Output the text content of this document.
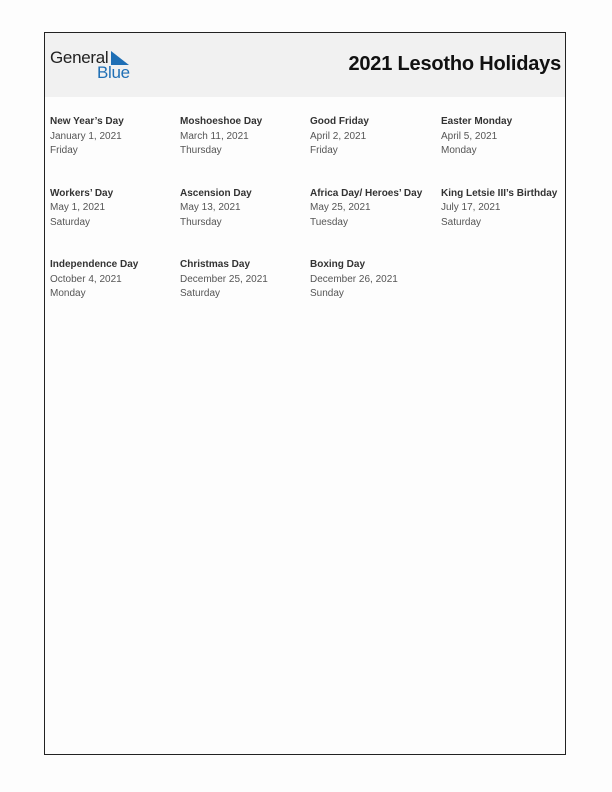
General
Blue	2021 Lesotho Holidays
New Year’s Day
January 1, 2021
Friday
Moshoeshoe Day
March 11, 2021
Thursday
Good Friday
April 2, 2021
Friday
Easter Monday
April 5, 2021
Monday
Workers’ Day
May 1, 2021
Saturday
Ascension Day
May 13, 2021
Thursday
Africa Day/ Heroes’ Day
May 25, 2021
Tuesday
King Letsie III’s Birthday
July 17, 2021
Saturday
Independence Day
October 4, 2021
Monday
Christmas Day
December 25, 2021
Saturday
Boxing Day
December 26, 2021
Sunday
